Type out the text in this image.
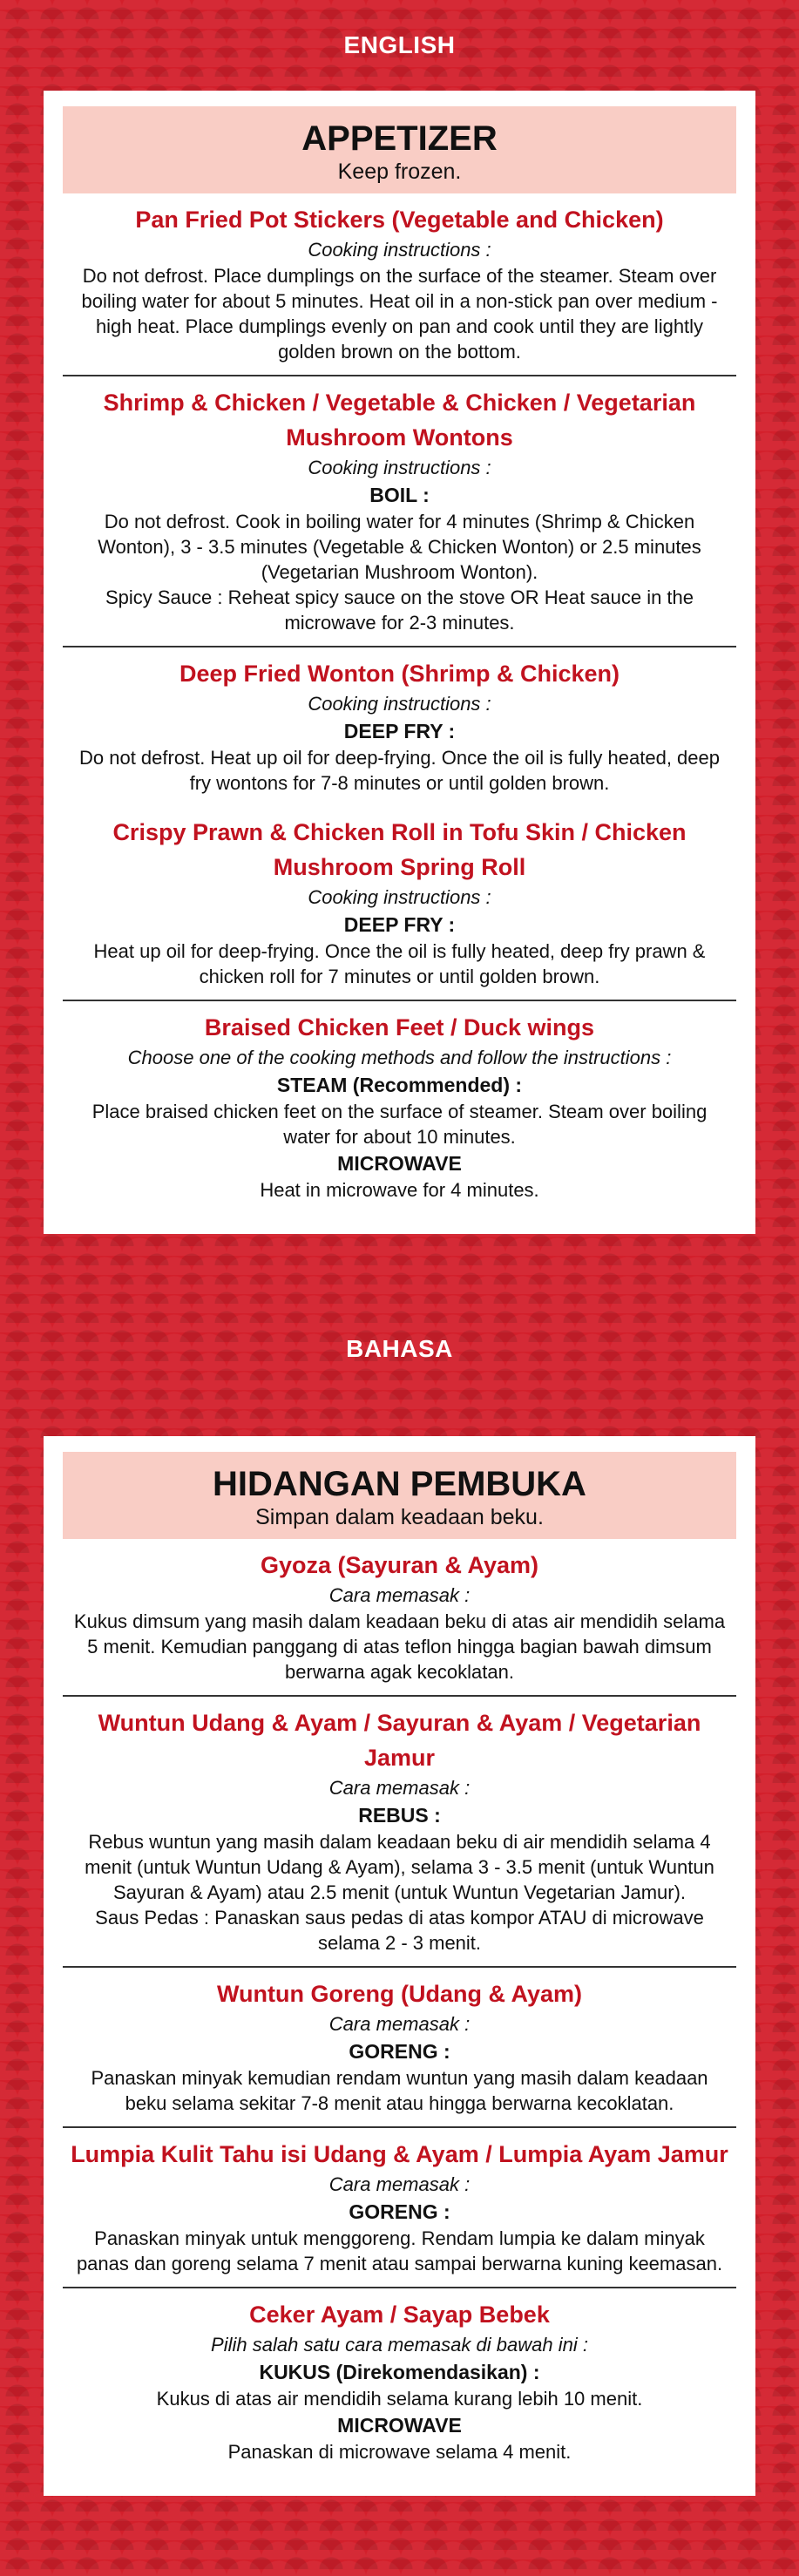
ENGLISH
APPETIZER
Keep frozen.
Pan Fried Pot Stickers (Vegetable and Chicken)
Cooking instructions :
Do not defrost. Place dumplings on the surface of the steamer. Steam over boiling water for about 5 minutes. Heat oil in a non-stick pan over medium - high heat. Place dumplings evenly on pan and cook until they are lightly golden brown on the bottom.
Shrimp & Chicken / Vegetable & Chicken / Vegetarian Mushroom Wontons
Cooking instructions :
BOIL :
Do not defrost. Cook in boiling water for 4 minutes (Shrimp & Chicken Wonton), 3 - 3.5 minutes (Vegetable & Chicken Wonton) or 2.5 minutes (Vegetarian Mushroom Wonton).
Spicy Sauce : Reheat spicy sauce on the stove OR Heat sauce in the microwave for 2-3 minutes.
Deep Fried Wonton (Shrimp & Chicken)
Cooking instructions :
DEEP FRY :
Do not defrost. Heat up oil for deep-frying. Once the oil is fully heated, deep fry wontons for 7-8 minutes or until golden brown.
Crispy Prawn & Chicken Roll in Tofu Skin / Chicken Mushroom Spring Roll
Cooking instructions :
DEEP FRY :
Heat up oil for deep-frying. Once the oil is fully heated, deep fry prawn & chicken roll for 7 minutes or until golden brown.
Braised Chicken Feet / Duck wings
Choose one of the cooking methods and follow the instructions :
STEAM (Recommended) :
Place braised chicken feet on the surface of steamer. Steam over boiling water for about 10 minutes.
MICROWAVE
Heat in microwave for 4 minutes.
BAHASA
HIDANGAN PEMBUKA
Simpan dalam keadaan beku.
Gyoza (Sayuran & Ayam)
Cara memasak :
Kukus dimsum yang masih dalam keadaan beku di atas air mendidih selama 5 menit. Kemudian panggang di atas teflon hingga bagian bawah dimsum berwarna agak kecoklatan.
Wuntun Udang & Ayam / Sayuran & Ayam / Vegetarian Jamur
Cara memasak :
REBUS :
Rebus wuntun yang masih dalam keadaan beku di air mendidih selama 4 menit (untuk Wuntun Udang & Ayam), selama 3 - 3.5 menit (untuk Wuntun Sayuran & Ayam) atau 2.5 menit (untuk Wuntun Vegetarian Jamur).
Saus Pedas : Panaskan saus pedas di atas kompor ATAU di microwave selama 2 - 3 menit.
Wuntun Goreng (Udang & Ayam)
Cara memasak :
GORENG :
Panaskan minyak kemudian rendam wuntun yang masih dalam keadaan beku selama sekitar 7-8 menit atau hingga berwarna kecoklatan.
Lumpia Kulit Tahu isi Udang & Ayam / Lumpia Ayam Jamur
Cara memasak :
GORENG :
Panaskan minyak untuk menggoreng. Rendam lumpia ke dalam minyak panas dan goreng selama 7 menit atau sampai berwarna kuning keemasan.
Ceker Ayam / Sayap Bebek
Pilih salah satu cara memasak di bawah ini :
KUKUS (Direkomendasikan) :
Kukus di atas air mendidih selama kurang lebih 10 menit.
MICROWAVE
Panaskan di microwave selama 4 menit.
